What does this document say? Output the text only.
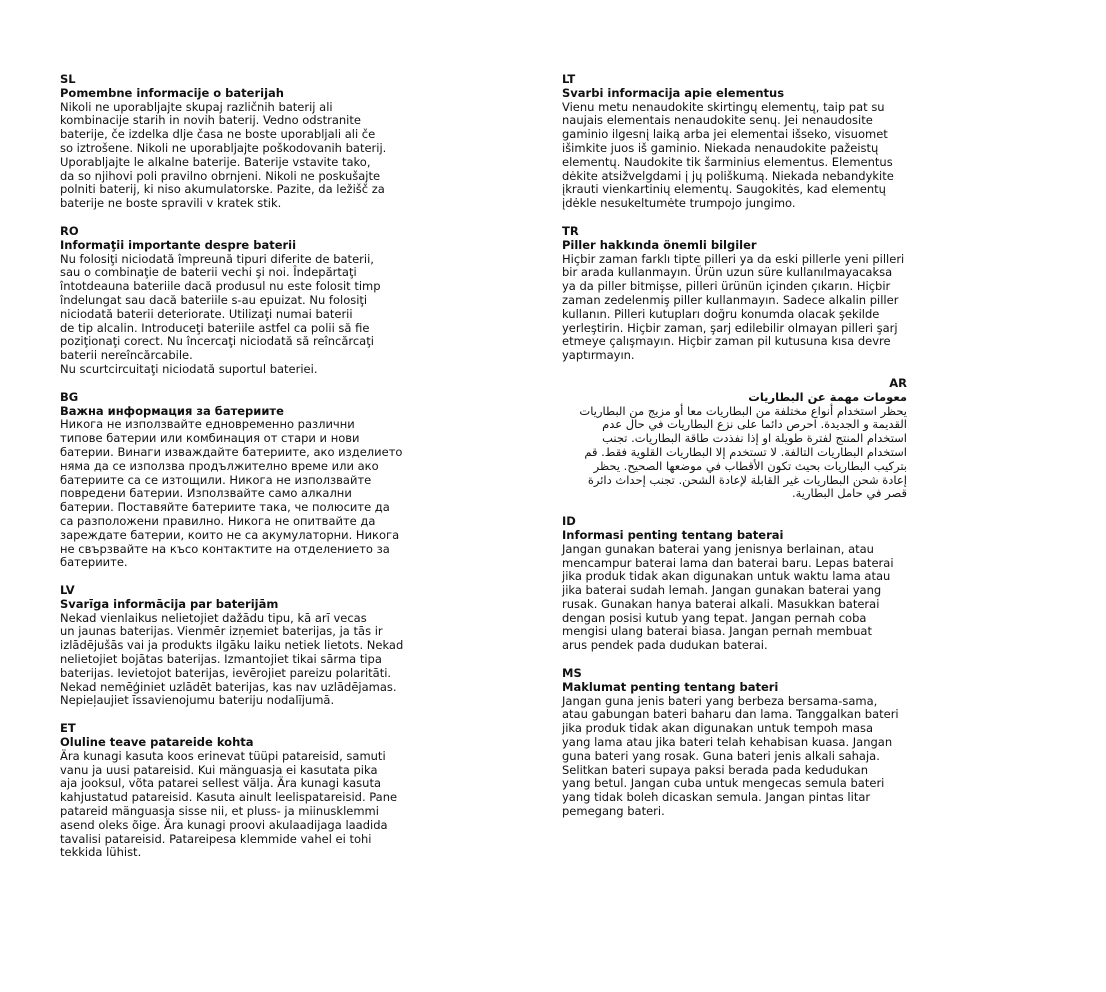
SL

Pomembne informacije o baterijah

Nikoli ne uporabljajte skupaj različnih baterij ali
kombinacije starih in novih baterij. Vedno odstranite
baterije, če izdelka dlje časa ne boste uporabljali ali če
so iztrošene. Nikoli ne uporabljajte poškodovanih baterij.
Uporabljajte le alkalne baterije. Baterije vstavite tako,
da so njihovi poli pravilno obrnjeni. Nikoli ne poskušajte
polniti baterij, ki niso akumulatorske. Pazite, da ležišč za
baterije ne boste spravili v kratek stik.

RO

Informaţii importante despre baterii

Nu folosiţi niciodată împreună tipuri diferite de baterii,
sau o combinaţie de baterii vechi şi noi. Îndepărtaţi
întotdeauna bateriile dacă produsul nu este folosit timp
îndelungat sau dacă bateriile s-au epuizat. Nu folosiţi
niciodată baterii deteriorate. Utilizaţi numai baterii
de tip alcalin. Introduceţi bateriile astfel ca polii să fie
poziţionaţi corect. Nu încercaţi niciodată să reîncărcaţi
baterii nereîncărcabile.
Nu scurtcircuitaţi niciodată suportul bateriei.

BG

Важна информация за батериите

Никога не използвайте едновременно различни
типове батерии или комбинация от стари и нови
батерии. Винаги изваждайте батериите, ако изделието
няма да се използва продължително време или ако
батериите са се изтощили. Никога не използвайте
повредени батерии. Използвайте само алкални
батерии. Поставяйте батериите така, че полюсите да
са разположени правилно. Никога не опитвайте да
зареждате батерии, които не са акумулаторни. Никога
не свързвайте на късо контактите на отделението за
батериите.

LV

Svarīga informācija par baterijām

Nekad vienlaikus nelietojiet dažādu tipu, kā arī vecas
un jaunas baterijas. Vienmēr izņemiet baterijas, ja tās ir
izlādējušās vai ja produkts ilgāku laiku netiek lietots. Nekad
nelietojiet bojātas baterijas. Izmantojiet tikai sārma tipa
baterijas. Ievietojot baterijas, ievērojiet pareizu polaritāti.
Nekad nemēģiniet uzlādēt baterijas, kas nav uzlādējamas.
Nepieļaujiet īssavienojumu bateriju nodalījumā.

ET

Oluline teave patareide kohta

Ära kunagi kasuta koos erinevat tüüpi patareisid, samuti
vanu ja uusi patareisid. Kui mänguasja ei kasutata pika
aja jooksul, võta patarei sellest välja. Ära kunagi kasuta
kahjustatud patareisid. Kasuta ainult leelispatareisid. Pane
patareid mänguasja sisse nii, et pluss- ja miinusklemmi
asend oleks õige. Ära kunagi proovi akulaadijaga laadida
tavalisi patareisid. Patareipesa klemmide vahel ei tohi
tekkida lühist.

LT

Svarbi informacija apie elementus

Vienu metu nenaudokite skirtingų elementų, taip pat su
naujais elementais nenaudokite senų. Jei nenaudosite
gaminio ilgesnį laiką arba jei elementai išseko, visuomet
išimkite juos iš gaminio. Niekada nenaudokite pažeistų
elementų. Naudokite tik šarminius elementus. Elementus
dėkite atsižvelgdami į jų poliškumą. Niekada nebandykite
įkrauti vienkartinių elementų. Saugokitės, kad elementų
įdėkle nesukeltumėte trumpojo jungimo.

TR

Piller hakkında önemli bilgiler

Hiçbir zaman farklı tipte pilleri ya da eski pillerle yeni pilleri
bir arada kullanmayın. Ürün uzun süre kullanılmayacaksa
ya da piller bitmişse, pilleri ürünün içinden çıkarın. Hiçbir
zaman zedelenmiş piller kullanmayın. Sadece alkalin piller
kullanın. Pilleri kutupları doğru konumda olacak şekilde
yerleştirin. Hiçbir zaman, şarj edilebilir olmayan pilleri şarj
etmeye çalışmayın. Hiçbir zaman pil kutusuna kısa devre
yaptırmayın.

AR

معومات مهمة عن البطاريات

يحظر استخدام أنواع مختلفة من البطاريات معا أو مزيج من البطاريات
القديمة و الجديدة. احرص دائما على نزع البطاريات في حال عدم
استخدام المنتج لفترة طويلة او إذا نفذدت طاقة البطاريات. تجنب
استخدام البطاريات التالفة. لا تستخدم إلا البطاريات القلوية فقط. قم
بتركيب البطاريات بحيث تكون الأقطاب في موضعها الصحيح. يحظر
إعادة شحن البطاريات غير القابلة لإعادة الشحن. تجنب إحداث دائرة
قصر في حامل البطارية.

ID

Informasi penting tentang baterai

Jangan gunakan baterai yang jenisnya berlainan, atau
mencampur baterai lama dan baterai baru. Lepas baterai
jika produk tidak akan digunakan untuk waktu lama atau
jika baterai sudah lemah. Jangan gunakan baterai yang
rusak. Gunakan hanya baterai alkali. Masukkan baterai
dengan posisi kutub yang tepat. Jangan pernah coba
mengisi ulang baterai biasa. Jangan pernah membuat
arus pendek pada dudukan baterai.

MS

Maklumat penting tentang bateri

Jangan guna jenis bateri yang berbeza bersama-sama,
atau gabungan bateri baharu dan lama. Tanggalkan bateri
jika produk tidak akan digunakan untuk tempoh masa
yang lama atau jika bateri telah kehabisan kuasa. Jangan
guna bateri yang rosak. Guna bateri jenis alkali sahaja.
Selitkan bateri supaya paksi berada pada kedudukan
yang betul. Jangan cuba untuk mengecas semula bateri
yang tidak boleh dicaskan semula. Jangan pintas litar
pemegang bateri.
